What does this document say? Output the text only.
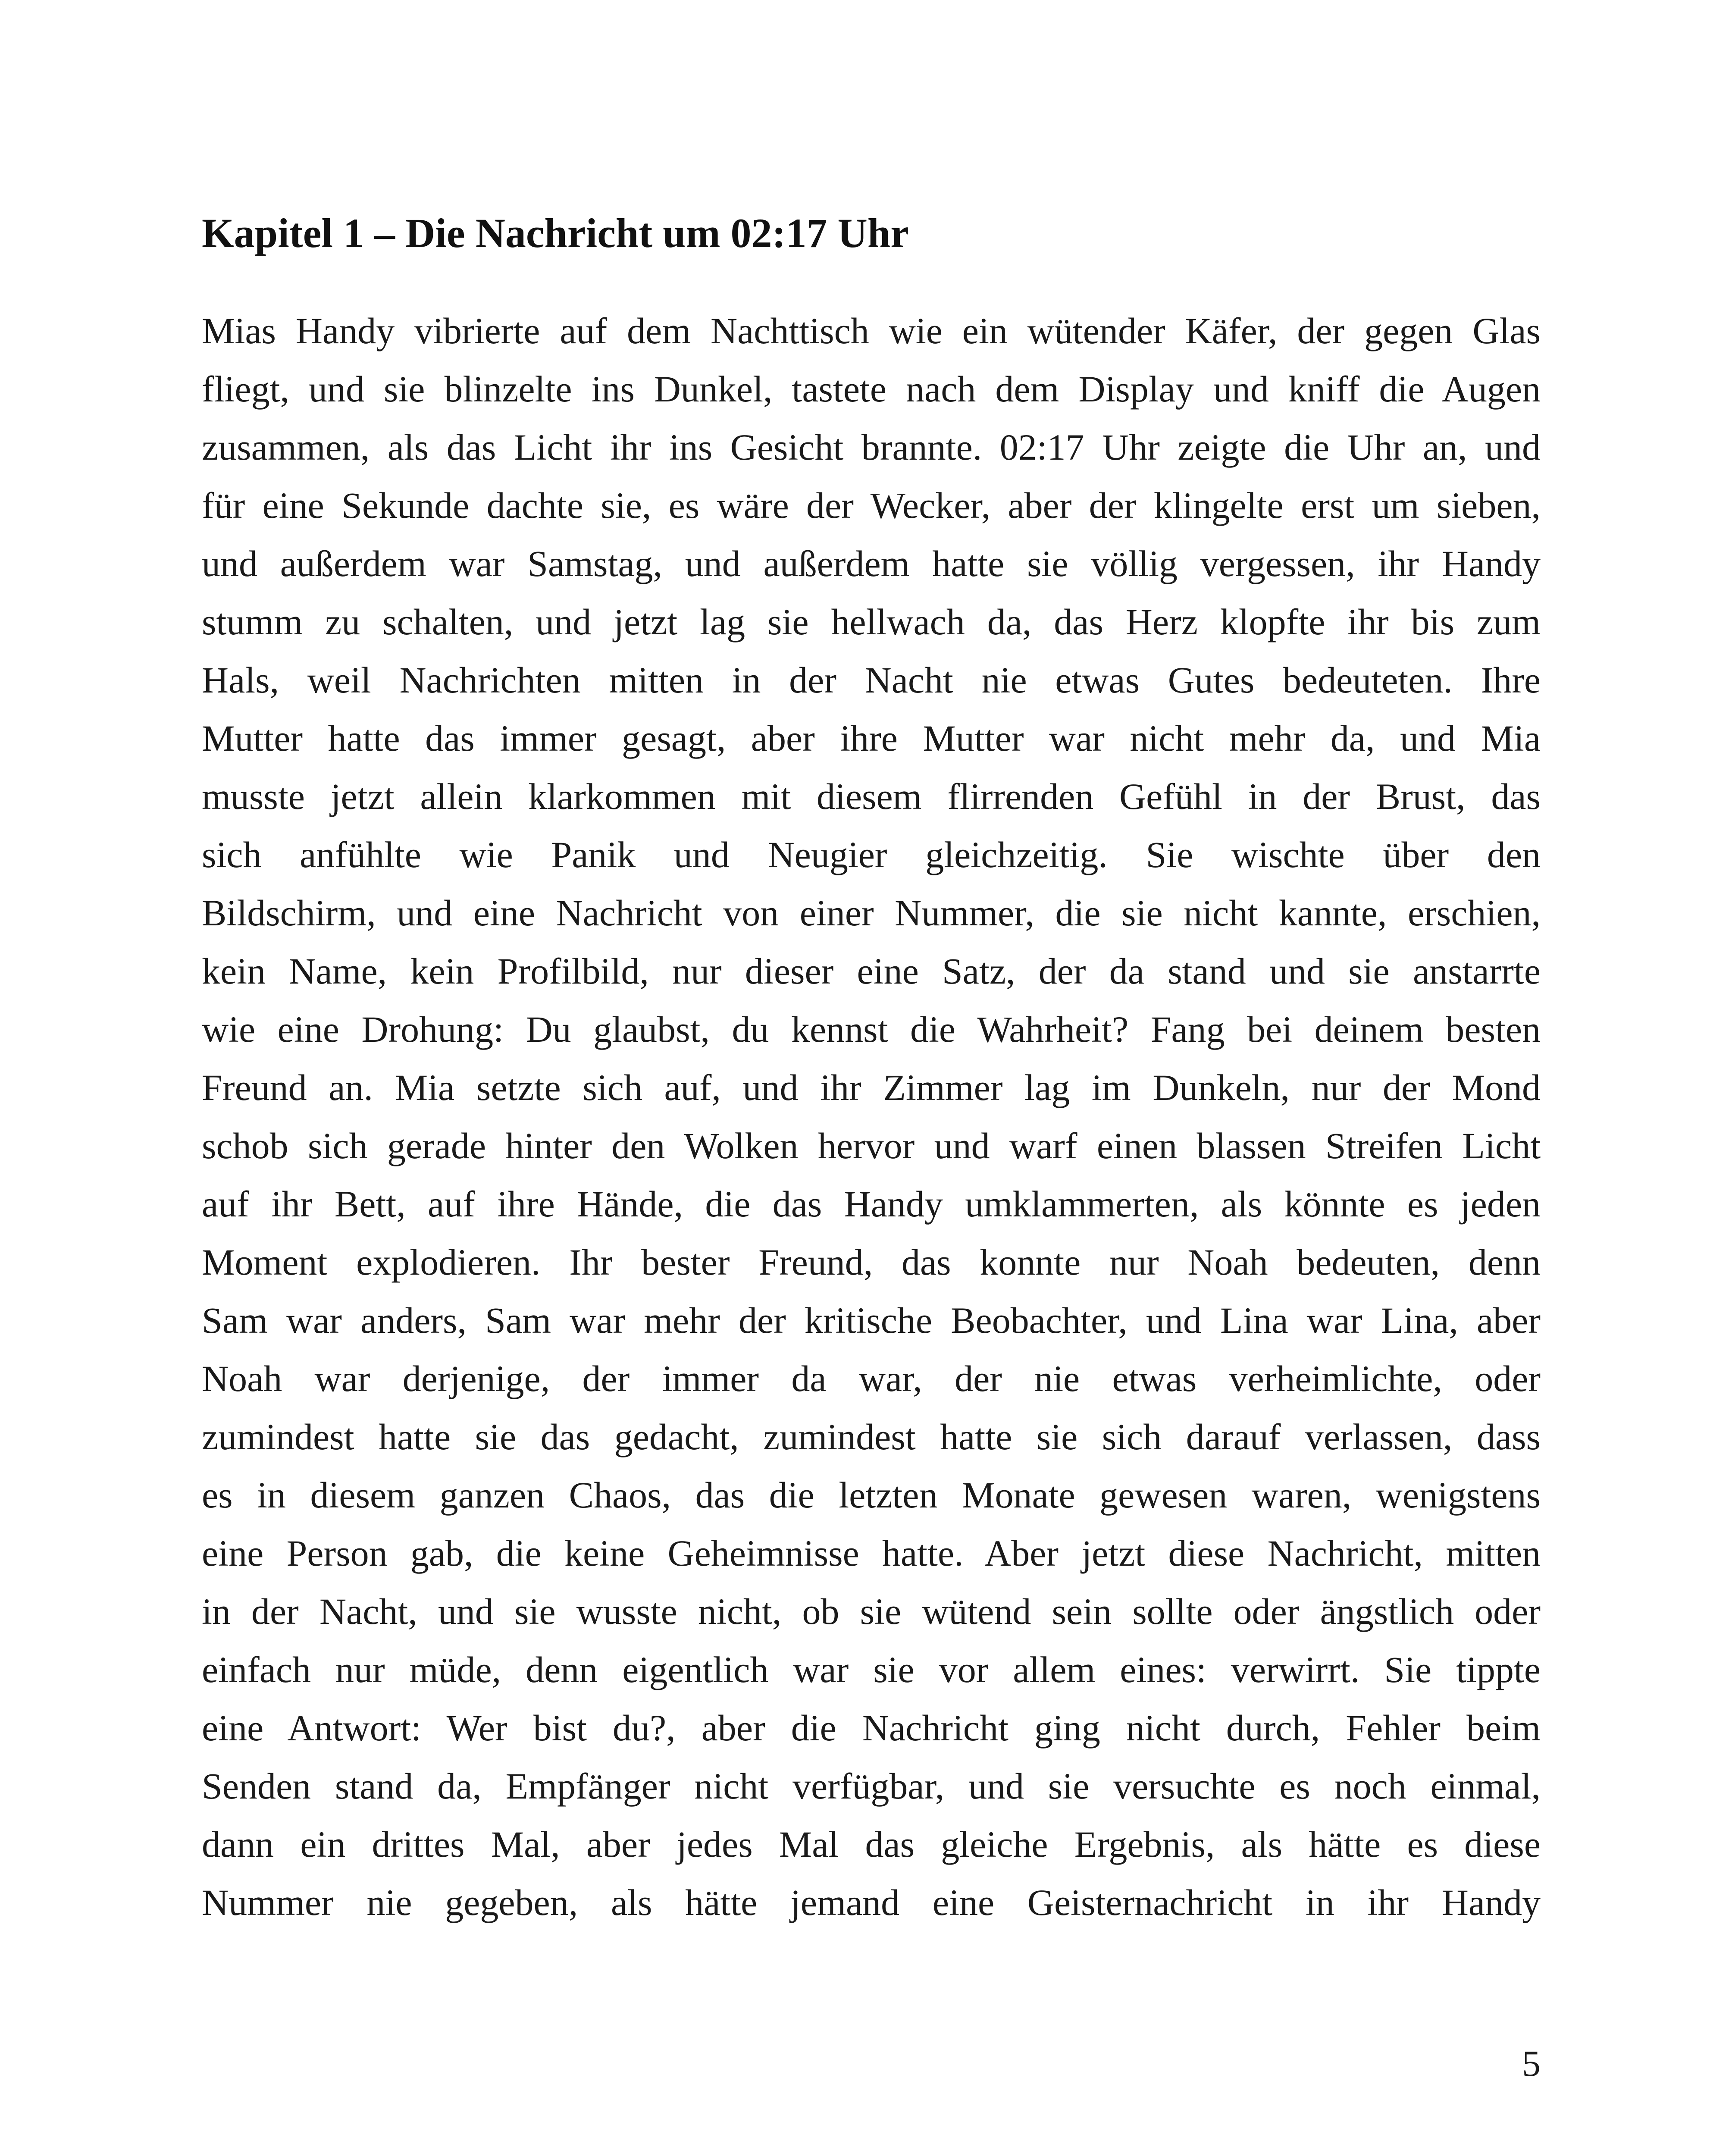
Kapitel 1 – Die Nachricht um 02:17 Uhr
Mias Handy vibrierte auf dem Nachttisch wie ein wütender Käfer, der gegen Glas
fliegt, und sie blinzelte ins Dunkel, tastete nach dem Display und kniff die Augen
zusammen, als das Licht ihr ins Gesicht brannte. 02:17 Uhr zeigte die Uhr an, und
für eine Sekunde dachte sie, es wäre der Wecker, aber der klingelte erst um sieben,
und außerdem war Samstag, und außerdem hatte sie völlig vergessen, ihr Handy
stumm zu schalten, und jetzt lag sie hellwach da, das Herz klopfte ihr bis zum
Hals, weil Nachrichten mitten in der Nacht nie etwas Gutes bedeuteten. Ihre
Mutter hatte das immer gesagt, aber ihre Mutter war nicht mehr da, und Mia
musste jetzt allein klarkommen mit diesem flirrenden Gefühl in der Brust, das
sich anfühlte wie Panik und Neugier gleichzeitig. Sie wischte über den
Bildschirm, und eine Nachricht von einer Nummer, die sie nicht kannte, erschien,
kein Name, kein Profilbild, nur dieser eine Satz, der da stand und sie anstarrte
wie eine Drohung: Du glaubst, du kennst die Wahrheit? Fang bei deinem besten
Freund an. Mia setzte sich auf, und ihr Zimmer lag im Dunkeln, nur der Mond
schob sich gerade hinter den Wolken hervor und warf einen blassen Streifen Licht
auf ihr Bett, auf ihre Hände, die das Handy umklammerten, als könnte es jeden
Moment explodieren. Ihr bester Freund, das konnte nur Noah bedeuten, denn
Sam war anders, Sam war mehr der kritische Beobachter, und Lina war Lina, aber
Noah war derjenige, der immer da war, der nie etwas verheimlichte, oder
zumindest hatte sie das gedacht, zumindest hatte sie sich darauf verlassen, dass
es in diesem ganzen Chaos, das die letzten Monate gewesen waren, wenigstens
eine Person gab, die keine Geheimnisse hatte. Aber jetzt diese Nachricht, mitten
in der Nacht, und sie wusste nicht, ob sie wütend sein sollte oder ängstlich oder
einfach nur müde, denn eigentlich war sie vor allem eines: verwirrt. Sie tippte
eine Antwort: Wer bist du?, aber die Nachricht ging nicht durch, Fehler beim
Senden stand da, Empfänger nicht verfügbar, und sie versuchte es noch einmal,
dann ein drittes Mal, aber jedes Mal das gleiche Ergebnis, als hätte es diese
Nummer nie gegeben, als hätte jemand eine Geisternachricht in ihr Handy
5
